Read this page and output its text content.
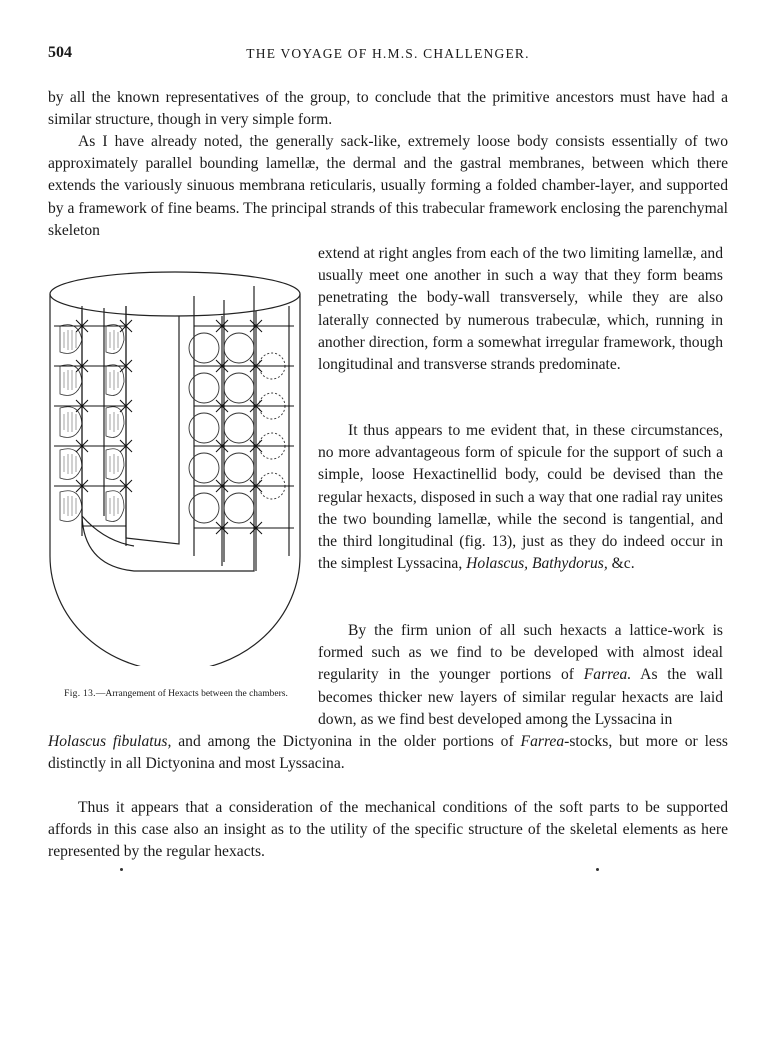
504	THE VOYAGE OF H.M.S. CHALLENGER.

by all the known representatives of the group, to conclude that the primitive ancestors must have had a similar structure, though in very simple form.

As I have already noted, the generally sack-like, extremely loose body consists essentially of two approximately parallel bounding lamellæ, the dermal and the gastral membranes, between which there extends the variously sinuous membrana reticularis, usually forming a folded chamber-layer, and supported by a framework of fine beams. The principal strands of this trabecular framework enclosing the parenchymal skeleton

extend at right angles from each of the two limiting lamellæ, and usually meet one another in such a way that they form beams penetrating the body-wall transversely, while they are also laterally connected by numerous trabeculæ, which, running in another direction, form a somewhat irregular framework, though longitudinal and transverse strands predominate.

It thus appears to me evident that, in these circumstances, no more advantageous form of spicule for the support of such a simple, loose Hexactinellid body, could be devised than the regular hexacts, disposed in such a way that one radial ray unites the two bounding lamellæ, while the second is tangential, and the third longitudinal (fig. 13), just as they do indeed occur in the simplest Lyssacina, Holascus, Bathydorus, &c.

By the firm union of all such hexacts a lattice-work is formed such as we find to be developed with almost ideal regularity in the younger portions of Farrea. As the wall becomes thicker new layers of similar regular hexacts are laid down, as we find best developed among the Lyssacina in

Holascus fibulatus, and among the Dictyonina in the older portions of Farrea-stocks, but more or less distinctly in all Dictyonina and most Lyssacina.

Thus it appears that a consideration of the mechanical conditions of the soft parts to be supported affords in this case also an insight as to the utility of the specific structure of the skeletal elements as here represented by the regular hexacts.

Fig. 13.—Arrangement of Hexacts between the chambers.
